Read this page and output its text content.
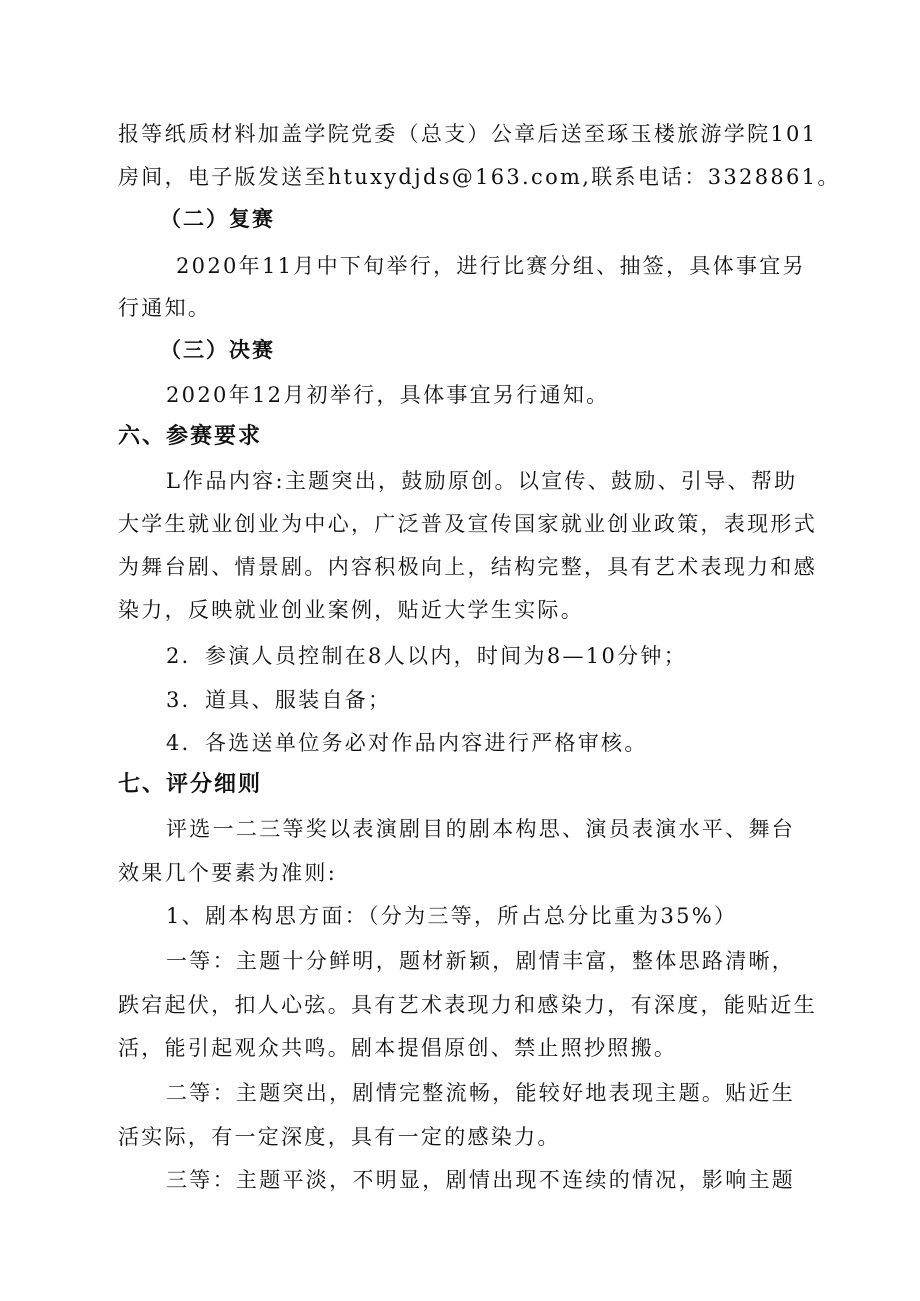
报等纸质材料加盖学院党委（总支）公章后送至琢玉楼旅游学院101
房间，电子版发送至htuxydjds@163.com,联系电话：3328861。
（二）复赛
2020年11月中下旬举行，进行比赛分组、抽签，具体事宜另
行通知。
（三）决赛
2020年12月初举行，具体事宜另行通知。
六、参赛要求
L作品内容:主题突出，鼓励原创。以宣传、鼓励、引导、帮助
大学生就业创业为中心，广泛普及宣传国家就业创业政策，表现形式
为舞台剧、情景剧。内容积极向上，结构完整，具有艺术表现力和感
染力，反映就业创业案例，贴近大学生实际。
2．参演人员控制在8人以内，时间为8—10分钟；
3．道具、服装自备；
4．各选送单位务必对作品内容进行严格审核。
七、评分细则
评选一二三等奖以表演剧目的剧本构思、演员表演水平、舞台
效果几个要素为准则:
1、剧本构思方面：（分为三等，所占总分比重为35%）
一等：主题十分鲜明，题材新颖，剧情丰富，整体思路清晰，
跌宕起伏，扣人心弦。具有艺术表现力和感染力，有深度，能贴近生
活，能引起观众共鸣。剧本提倡原创、禁止照抄照搬。
二等：主题突出，剧情完整流畅，能较好地表现主题。贴近生
活实际，有一定深度，具有一定的感染力。
三等：主题平淡，不明显，剧情出现不连续的情况，影响主题
